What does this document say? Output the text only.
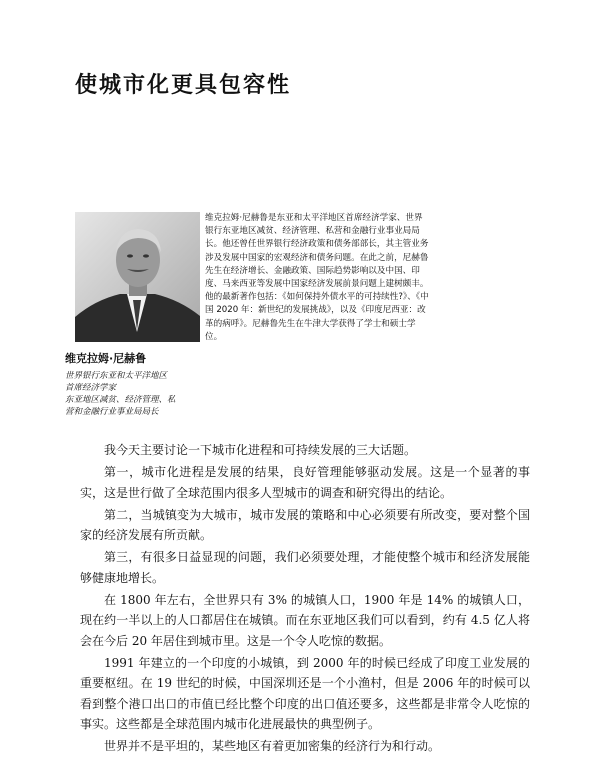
使城市化更具包容性
维克拉姆·尼赫鲁是东亚和太平洋地区首席经济学家、世界银行东亚地区减贫、经济管理、私营和金融行业事业局局长。他还曾任世界银行经济政策和债务部部长，其主管业务涉及发展中国家的宏观经济和债务问题。在此之前，尼赫鲁先生在经济增长、金融政策、国际趋势影响以及中国、印度、马来西亚等发展中国家经济发展前景问题上建树颇丰。他的最新著作包括：《如何保持外债水平的可持续性?》、《中国 2020 年：新世纪的发展挑战》，以及《印度尼西亚：改革的病呼》。尼赫鲁先生在牛津大学获得了学士和硕士学位。
维克拉姆·尼赫鲁
世界银行东亚和太平洋地区
首席经济学家
东亚地区减贫、经济管理、私
营和金融行业事业局局长

我今天主要讨论一下城市化进程和可持续发展的三大话题。

第一，城市化进程是发展的结果，良好管理能够驱动发展。这是一个显著的事实，这是世行做了全球范围内很多人型城市的调查和研究得出的结论。

第二，当城镇变为大城市，城市发展的策略和中心必须要有所改变，要对整个国家的经济发展有所贡献。

第三，有很多日益显现的问题，我们必须要处理，才能使整个城市和经济发展能够健康地增长。

在 1800 年左右，全世界只有 3% 的城镇人口，1900 年是 14% 的城镇人口，现在约一半以上的人口都居住在城镇。而在东亚地区我们可以看到，约有 4.5 亿人将会在今后 20 年居住到城市里。这是一个令人吃惊的数据。

1991 年建立的一个印度的小城镇，到 2000 年的时候已经成了印度工业发展的重要枢纽。在 19 世纪的时候，中国深圳还是一个小渔村，但是 2006 年的时候可以看到整个港口出口的市值已经比整个印度的出口值还要多，这些都是非常令人吃惊的事实。这些都是全球范围内城市化进展最快的典型例子。

世界并不是平坦的，某些地区有着更加密集的经济行为和行动。
